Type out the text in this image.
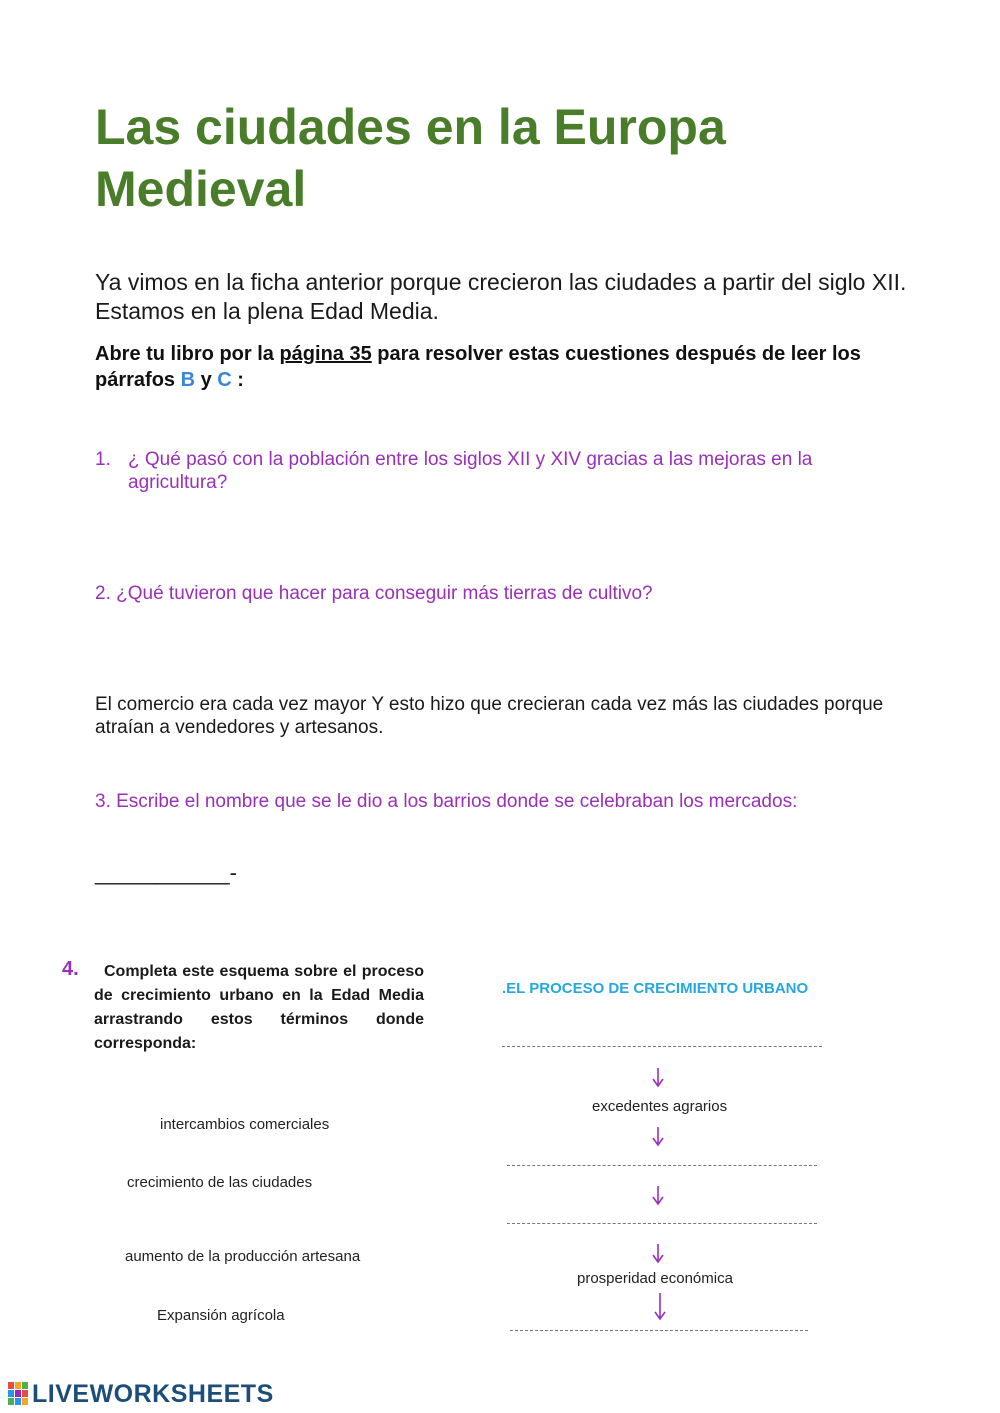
Las ciudades en la Europa Medieval
Ya vimos en la ficha anterior porque crecieron las ciudades a partir del siglo XII. Estamos en la plena Edad Media.
Abre tu libro por la página 35 para resolver estas cuestiones después de leer los párrafos B y C :
1. ¿ Qué pasó con la población entre los siglos XII y XIV gracias a las mejoras en la agricultura?
2. ¿Qué tuvieron que hacer para conseguir más tierras de cultivo?
El comercio era cada vez mayor Y esto hizo que crecieran cada vez más las ciudades porque atraían a vendedores y artesanos.
3. Escribe el nombre que se le dio a los barrios donde se celebraban los mercados:
___________-
4.	Completa este esquema sobre el proceso de crecimiento urbano en la Edad Media arrastrando estos términos donde corresponda:
intercambios comerciales
crecimiento de las ciudades
aumento de la producción artesana
Expansión agrícola
.EL PROCESO DE CRECIMIENTO URBANO
excedentes agrarios
prosperidad económica
LIVEWORKSHEETS
